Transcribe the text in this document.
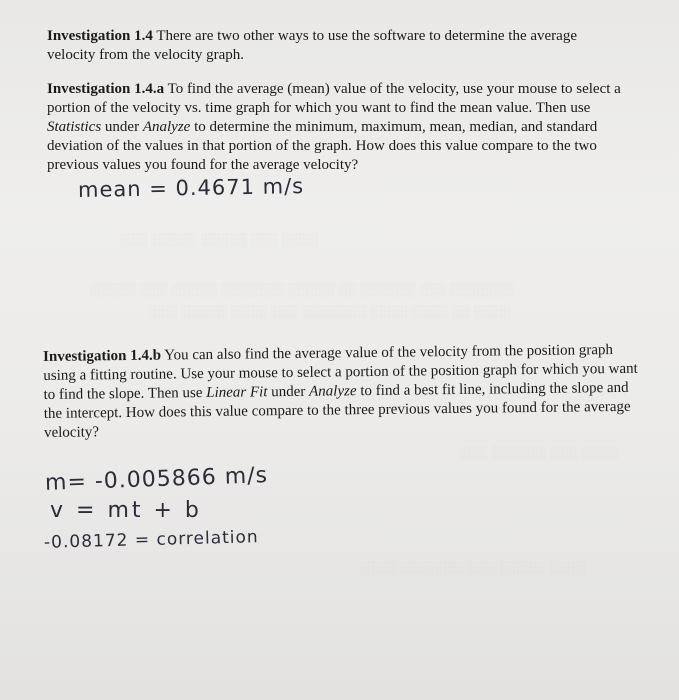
░░░░ ░░░ ░░░░░ ░░░░░ ░░░
░░░░░░░ ░░░ ░░░░░░ ░░ ░░░░░ ░░░░░░░ ░░░░░ ░░░ ░░░░░
░░░░ ░░ ░░░░ ░░░░ ░░░░░░░ ░░░ ░░░░ ░░░░░ ░░░
░░░░ ░░░ ░░░░░░ ░░░
░░░░ ░░░░░ ░░░ ░░░░░░░ ░░░░
Investigation 1.4 There are two other ways to use the software to determine the average velocity from the velocity graph.
Investigation 1.4.a To find the average (mean) value of the velocity, use your mouse to select a portion of the velocity vs. time graph for which you want to find the mean value. Then use Statistics under Analyze to determine the minimum, maximum, mean, median, and standard deviation of the values in that portion of the graph. How does this value compare to the two previous values you found for the average velocity?
mean = 0.4671 m/s
Investigation 1.4.b You can also find the average value of the velocity from the position graph using a fitting routine. Use your mouse to select a portion of the position graph for which you want to find the slope. Then use Linear Fit under Analyze to find a best fit line, including the slope and the intercept. How does this value compare to the three previous values you found for the average velocity?
m= -0.005866 m/s
v = mt + b
-0.08172 = correlation
